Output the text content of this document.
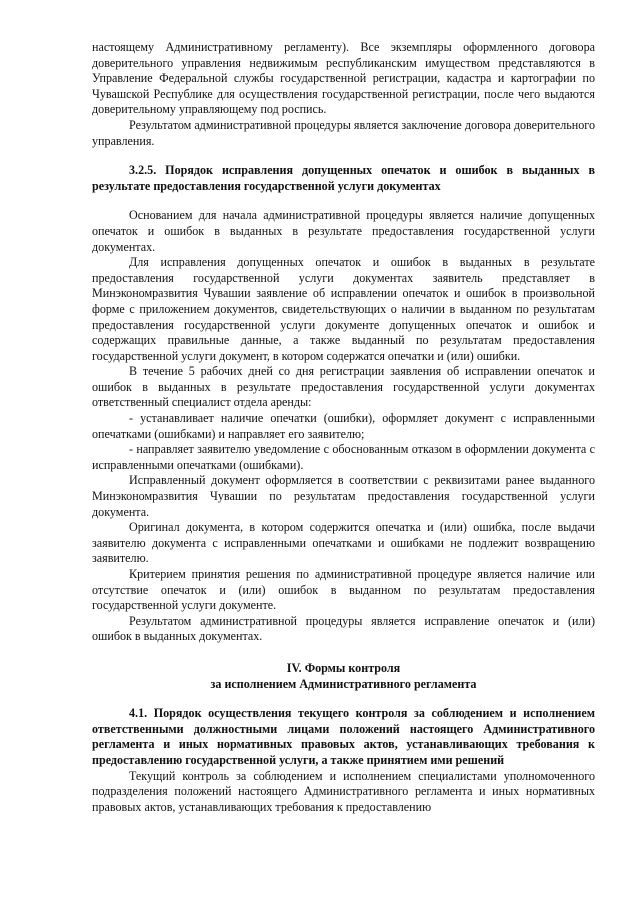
настоящему Административному регламенту). Все экземпляры оформленного договора доверительного управления недвижимым республиканским имуществом представляются в Управление Федеральной службы государственной регистрации, кадастра и картографии по Чувашской Республике для осуществления государственной регистрации, после чего выдаются доверительному управляющему под роспись.

Результатом административной процедуры является заключение договора доверительного управления.

3.2.5. Порядок исправления допущенных опечаток и ошибок в выданных в результате предоставления государственной услуги документах

Основанием для начала административной процедуры является наличие допущенных опечаток и ошибок в выданных в результате предоставления государственной услуги документах.

Для исправления допущенных опечаток и ошибок в выданных в результате предоставления государственной услуги документах заявитель представляет в Минэкономразвития Чувашии заявление об исправлении опечаток и ошибок в произвольной форме с приложением документов, свидетельствующих о наличии в выданном по результатам предоставления государственной услуги документе допущенных опечаток и ошибок и содержащих правильные данные, а также выданный по результатам предоставления государственной услуги документ, в котором содержатся опечатки и (или) ошибки.

В течение 5 рабочих дней со дня регистрации заявления об исправлении опечаток и ошибок в выданных в результате предоставления государственной услуги документах ответственный специалист отдела аренды:

- устанавливает наличие опечатки (ошибки), оформляет документ с исправленными опечатками (ошибками) и направляет его заявителю;

- направляет заявителю уведомление с обоснованным отказом в оформлении документа с исправленными опечатками (ошибками).

Исправленный документ оформляется в соответствии с реквизитами ранее выданного Минэкономразвития Чувашии по результатам предоставления государственной услуги документа.

Оригинал документа, в котором содержится опечатка и (или) ошибка, после выдачи заявителю документа с исправленными опечатками и ошибками не подлежит возвращению заявителю.

Критерием принятия решения по административной процедуре является наличие или отсутствие опечаток и (или) ошибок в выданном по результатам предоставления государственной услуги документе.

Результатом административной процедуры является исправление опечаток и (или) ошибок в выданных документах.

IV. Формы контроля

за исполнением Административного регламента

4.1. Порядок осуществления текущего контроля за соблюдением и исполнением ответственными должностными лицами положений настоящего Административного регламента и иных нормативных правовых актов, устанавливающих требования к предоставлению государственной услуги, а также принятием ими решений

Текущий контроль за соблюдением и исполнением специалистами уполномоченного подразделения положений настоящего Административного регламента и иных нормативных правовых актов, устанавливающих требования к предоставлению
